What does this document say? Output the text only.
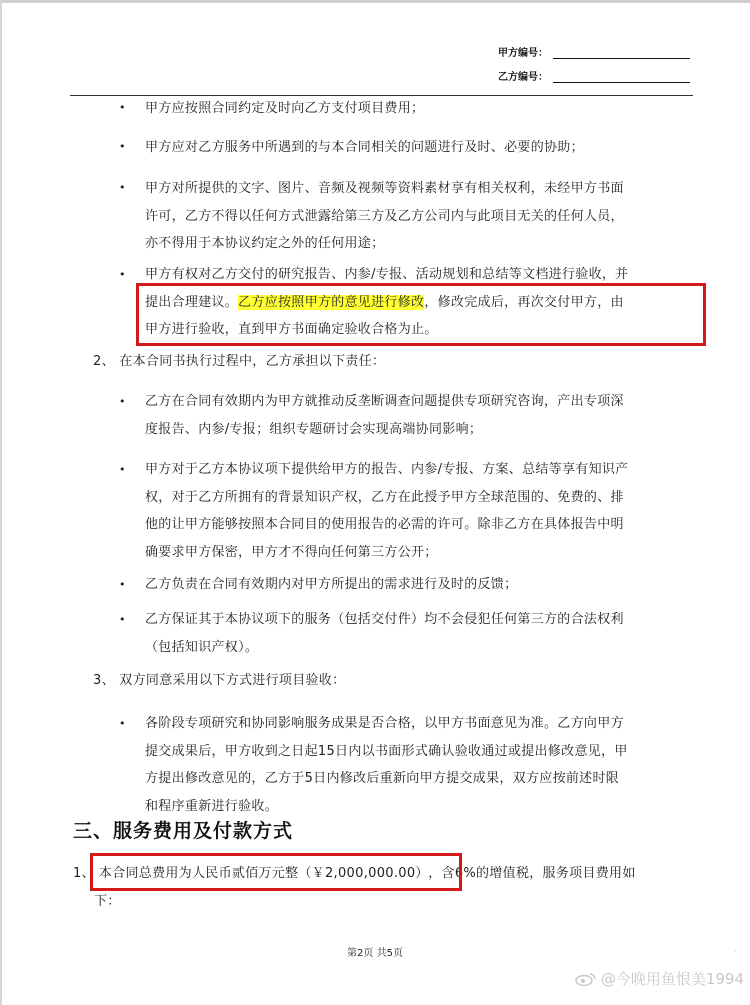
甲方编号：
乙方编号：
• 甲方应按照合同约定及时向乙方支付项目费用；
• 甲方应对乙方服务中所遇到的与本合同相关的问题进行及时、必要的协助；
• 甲方对所提供的文字、图片、音频及视频等资料素材享有相关权利，未经甲方书面
许可，乙方不得以任何方式泄露给第三方及乙方公司内与此项目无关的任何人员，
亦不得用于本协议约定之外的任何用途；
• 甲方有权对乙方交付的研究报告、内参/专报、活动规划和总结等文档进行验收，并
提出合理建议。乙方应按照甲方的意见进行修改，修改完成后，再次交付甲方，由
甲方进行验收，直到甲方书面确定验收合格为止。
2、 在本合同书执行过程中，乙方承担以下责任：
• 乙方在合同有效期内为甲方就推动反垄断调查问题提供专项研究咨询，产出专项深
度报告、内参/专报；组织专题研讨会实现高端协同影响；
• 甲方对于乙方本协议项下提供给甲方的报告、内参/专报、方案、总结等享有知识产
权，对于乙方所拥有的背景知识产权，乙方在此授予甲方全球范围的、免费的、排
他的让甲方能够按照本合同目的使用报告的必需的许可。除非乙方在具体报告中明
确要求甲方保密，甲方才不得向任何第三方公开；
• 乙方负责在合同有效期内对甲方所提出的需求进行及时的反馈；
• 乙方保证其于本协议项下的服务（包括交付件）均不会侵犯任何第三方的合法权利
（包括知识产权）。
3、 双方同意采用以下方式进行项目验收：
• 各阶段专项研究和协同影响服务成果是否合格，以甲方书面意见为准。乙方向甲方
提交成果后，甲方收到之日起15日内以书面形式确认验收通过或提出修改意见，甲
方提出修改意见的，乙方于5日内修改后重新向甲方提交成果，双方应按前述时限
和程序重新进行验收。
三、服务费用及付款方式
1、 本合同总费用为人民币贰佰万元整（￥2,000,000.00） ，含6%的增值税，服务项目费用如
下：
第2页 共5页	·
@今晚用鱼恨美1994
